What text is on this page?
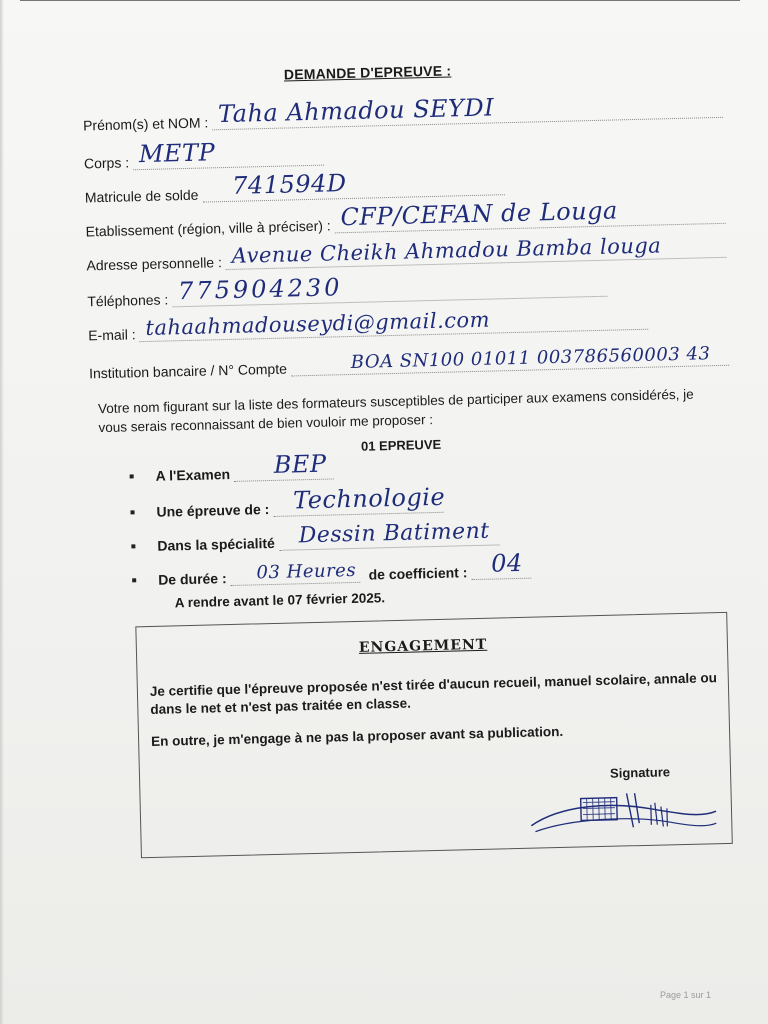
DEMANDE D'EPREUVE :
Prénom(s) et NOM : Taha Ahmadou SEYDI
Corps : METP
Matricule de solde 741594D
Etablissement (région, ville à préciser) : CFP/CEFAN de Louga
Adresse personnelle : Avenue Cheikh Ahmadou Bamba louga
Téléphones : 775904230
E-mail : tahaahmadouseydi@gmail.com
Institution bancaire / N° Compte	BOA SN100 01011 003786560003 43

Votre nom figurant sur la liste des formateurs susceptibles de participer aux examens considérés, je vous serais reconnaissant de bien vouloir me proposer :

01 EPREUVE
A l'Examen BEP
Une épreuve de : Technologie
Dans la spécialité Dessin Batiment
De durée : 03 Heures de coefficient : 04
A rendre avant le 07 février 2025.
ENGAGEMENT

Je certifie que l'épreuve proposée n'est tirée d'aucun recueil, manuel scolaire, annale ou dans le net et n'est pas traitée en classe.

En outre, je m'engage à ne pas la proposer avant sa publication.

Signature
Page 1 sur 1
